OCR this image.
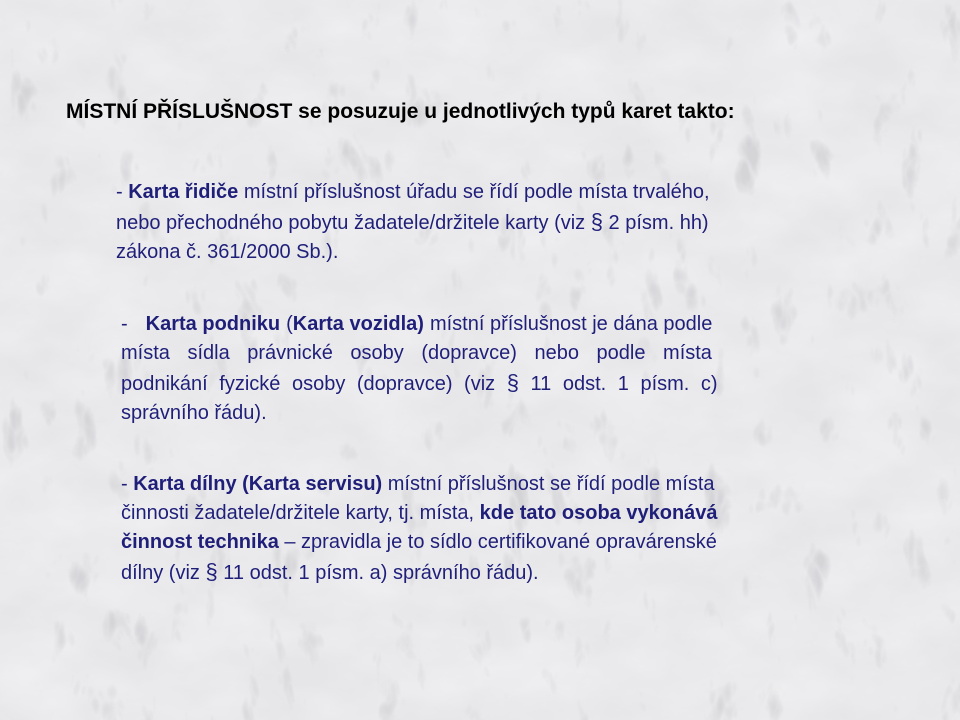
MÍSTNÍ PŘÍSLUŠNOST se posuzuje u jednotlivých typů karet takto:
- Karta řidiče místní příslušnost úřadu se řídí podle místa trvalého,
nebo přechodného pobytu žadatele/držitele karty (viz § 2 písm. hh)
zákona č. 361/2000 Sb.).
- Karta podniku ( Karta vozidla) místní příslušnost je dána podle
místa sídla právnické osoby (dopravce) nebo podle místa
podnikání fyzické osoby (dopravce) (viz § 11 odst. 1 písm. c)
správního řádu).
- Karta dílny (Karta servisu) místní příslušnost se řídí podle místa
činnosti žadatele/držitele karty, tj. místa, kde tato osoba vykonává
činnost technika – zpravidla je to sídlo certifikované opravárenské
dílny (viz § 11 odst. 1 písm. a) správního řádu).
